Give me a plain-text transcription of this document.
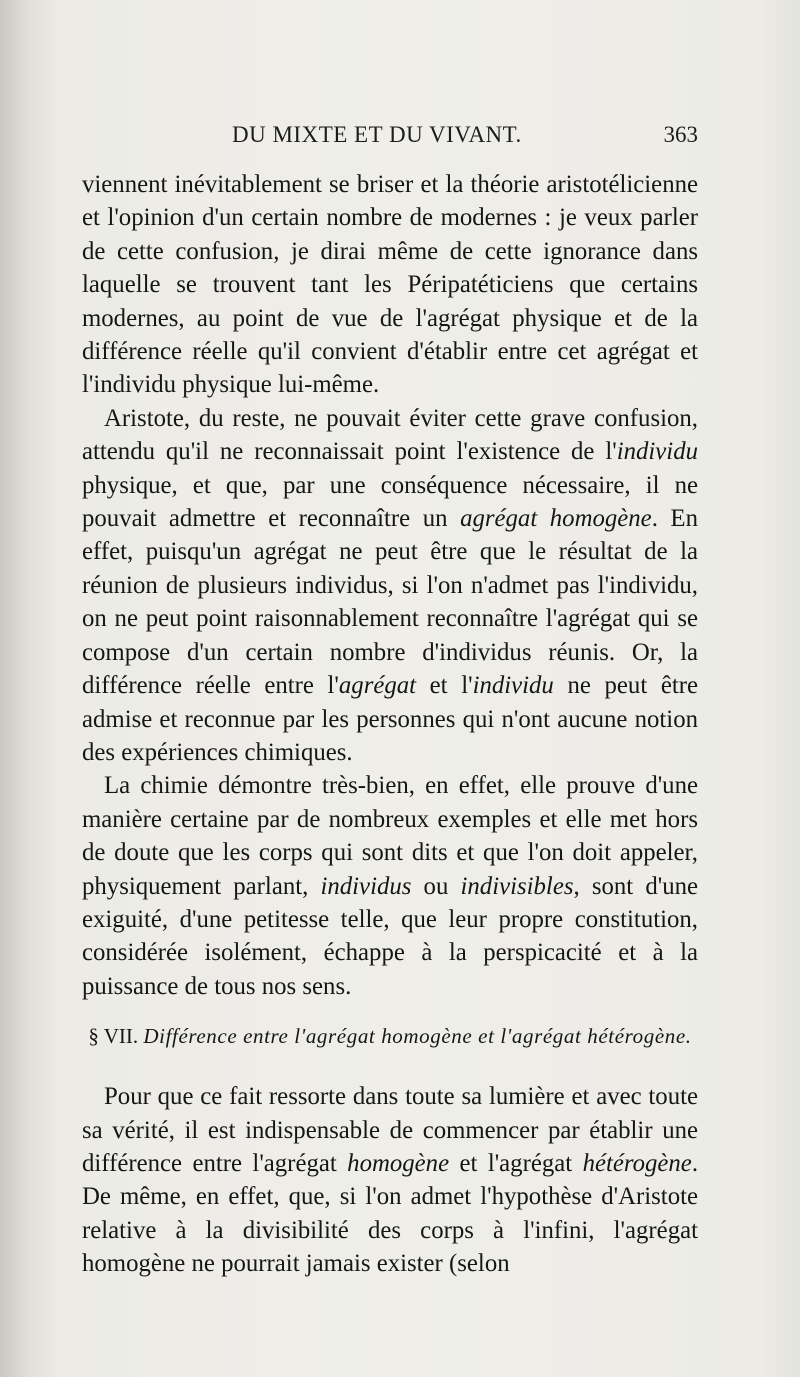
DU MIXTE ET DU VIVANT.	363

viennent inévitablement se briser et la théorie aristotélicienne et l'opinion d'un certain nombre de modernes : je veux parler de cette confusion, je dirai même de cette ignorance dans laquelle se trouvent tant les Péripatéticiens que certains modernes, au point de vue de l'agrégat physique et de la différence réelle qu'il convient d'établir entre cet agrégat et l'individu physique lui-même.

Aristote, du reste, ne pouvait éviter cette grave confusion, attendu qu'il ne reconnaissait point l'existence de l'individu physique, et que, par une conséquence nécessaire, il ne pouvait admettre et reconnaître un agrégat homogène. En effet, puisqu'un agrégat ne peut être que le résultat de la réunion de plusieurs individus, si l'on n'admet pas l'individu, on ne peut point raisonnablement reconnaître l'agrégat qui se compose d'un certain nombre d'individus réunis. Or, la différence réelle entre l'agrégat et l'individu ne peut être admise et reconnue par les personnes qui n'ont aucune notion des expériences chimiques.

La chimie démontre très-bien, en effet, elle prouve d'une manière certaine par de nombreux exemples et elle met hors de doute que les corps qui sont dits et que l'on doit appeler, physiquement parlant, individus ou indivisibles, sont d'une exiguité, d'une petitesse telle, que leur propre constitution, considérée isolément, échappe à la perspicacité et à la puissance de tous nos sens.

§ VII. Différence entre l'agrégat homogène et l'agrégat hétérogène.

Pour que ce fait ressorte dans toute sa lumière et avec toute sa vérité, il est indispensable de commencer par établir une différence entre l'agrégat homogène et l'agrégat hétérogène. De même, en effet, que, si l'on admet l'hypothèse d'Aristote relative à la divisibilité des corps à l'infini, l'agrégat homogène ne pourrait jamais exister (selon
